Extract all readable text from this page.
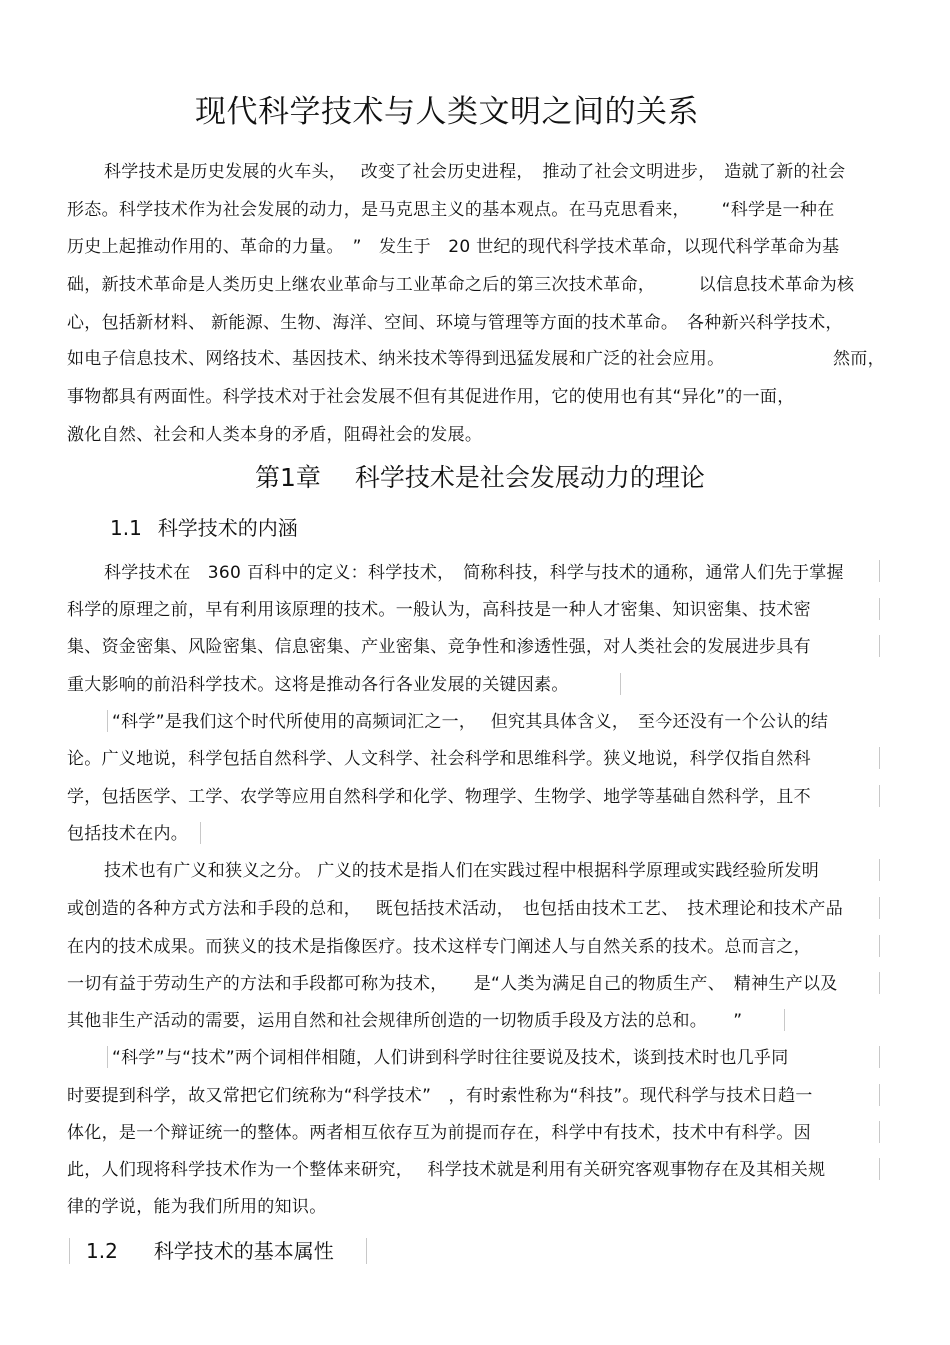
现代科学技术与人类文明之间的关系
科学技术是历史发展的火车头，　 改变了社会历史进程，　推动了社会文明进步，　造就了新的社会
形态。科学技术作为社会发展的动力，是马克思主义的基本观点。在马克思看来，　　 “科学是一种在
历史上起推动作用的、革命的力量。　”　发生于　20 世纪的现代科学技术革命，以现代科学革命为基
础，新技术革命是人类历史上继农业革命与工业革命之后的第三次技术革命，　　　以信息技术革命为核
心，包括新材料、 新能源、生物、海洋、空间、环境与管理等方面的技术革命。　各种新兴科学技术，
如电子信息技术、网络技术、基因技术、纳米技术等得到迅猛发展和广泛的社会应用。	然而，
事物都具有两面性。科学技术对于社会发展不但有其促进作用，它的使用也有其“异化”的一面，
激化自然、社会和人类本身的矛盾，阻碍社会的发展。
第1章 科学技术是社会发展动力的理论
1.1 科学技术的内涵
科学技术在　360 百科中的定义：科学技术，　简称科技，科学与技术的通称，通常人们先于掌握
科学的原理之前，早有利用该原理的技术。一般认为，高科技是一种人才密集、知识密集、技术密
集、资金密集、风险密集、信息密集、产业密集、竞争性和渗透性强，对人类社会的发展进步具有
重大影响的前沿科学技术。这将是推动各行各业发展的关键因素。
“科学”是我们这个时代所使用的高频词汇之一，　 但究其具体含义，　至今还没有一个公认的结
论。广义地说，科学包括自然科学、人文科学、社会科学和思维科学。狭义地说，科学仅指自然科
学，包括医学、工学、农学等应用自然科学和化学、物理学、生物学、地学等基础自然科学，且不
包括技术在内。
技术也有广义和狭义之分。 广义的技术是指人们在实践过程中根据科学原理或实践经验所发明
或创造的各种方式方法和手段的总和，　 既包括技术活动，　也包括由技术工艺、　技术理论和技术产品
在内的技术成果。而狭义的技术是指像医疗。技术这样专门阐述人与自然关系的技术。总而言之，
一切有益于劳动生产的方法和手段都可称为技术，　　是“人类为满足自己的物质生产、　精神生产以及
其他非生产活动的需要，运用自然和社会规律所创造的一切物质手段及方法的总和。　　”
“科学”与“技术”两个词相伴相随，人们讲到科学时往往要说及技术，谈到技术时也几乎同
时要提到科学，故又常把它们统称为“科学技术”　，有时索性称为“科技”。现代科学与技术日趋一
体化，是一个辩证统一的整体。两者相互依存互为前提而存在，科学中有技术，技术中有科学。因
此，人们现将科学技术作为一个整体来研究，　 科学技术就是利用有关研究客观事物存在及其相关规
律的学说，能为我们所用的知识。
1.2 科学技术的基本属性
